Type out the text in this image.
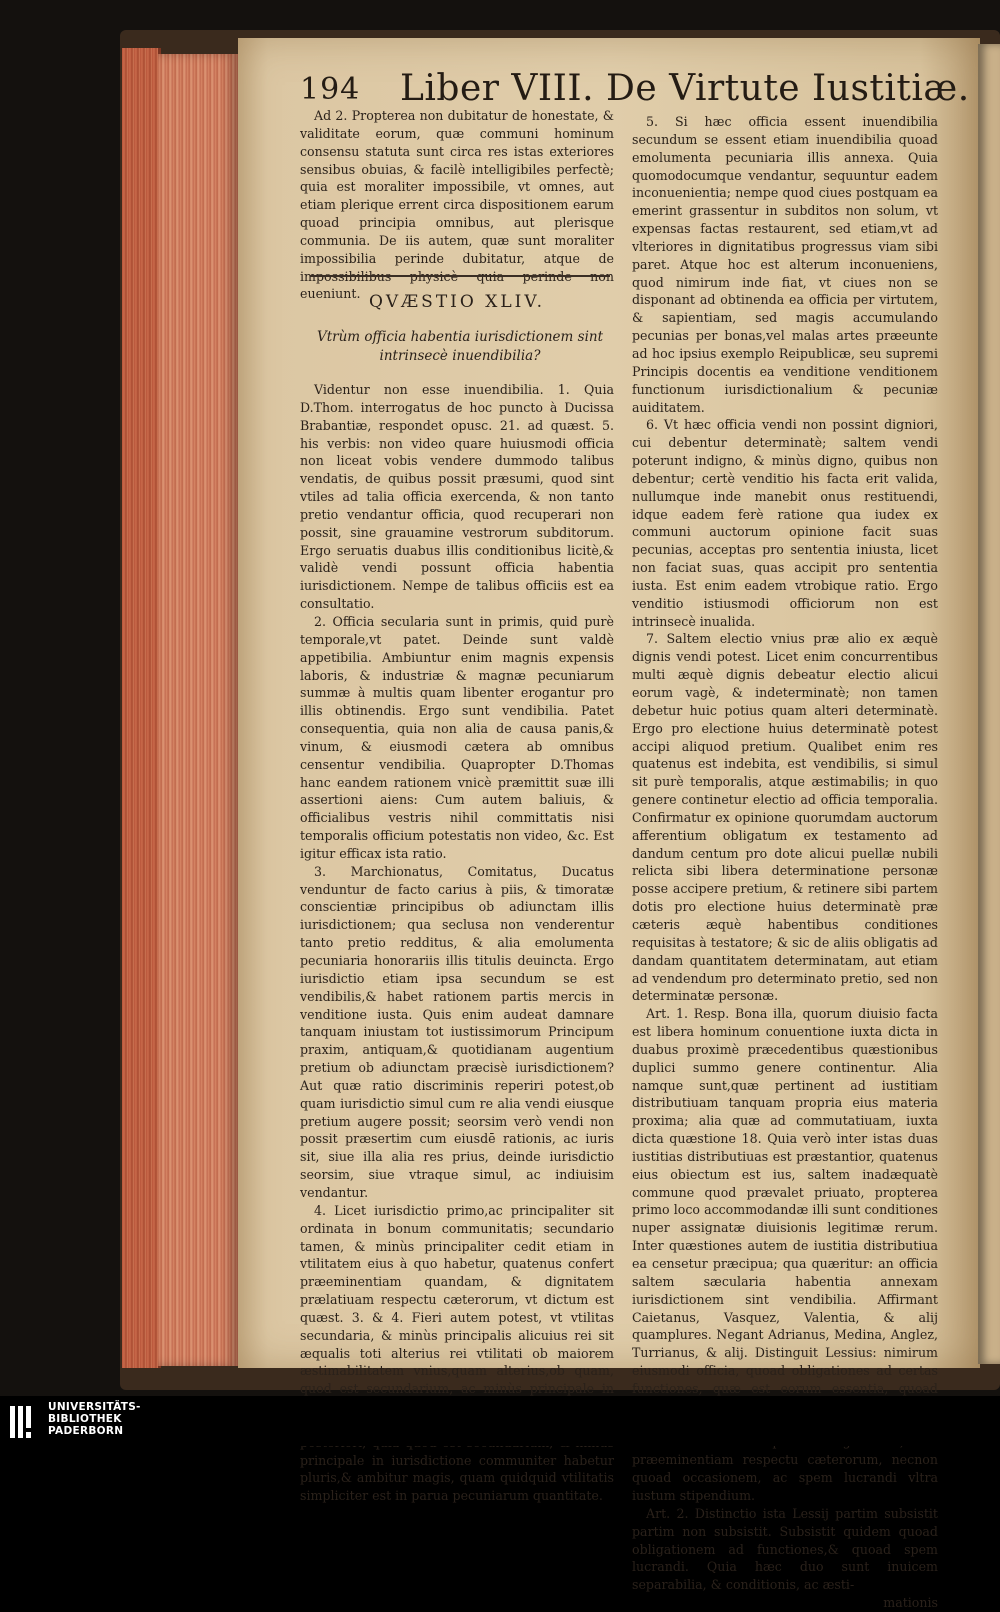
194 Liber VIII. De Virtute Iustitiæ.

Ad 2. Propterea non dubitatur de honestate, & validitate eorum, quæ communi hominum consensu statuta sunt circa res istas exteriores sensibus obuias, & facilè intelligibiles perfectè; quia est moraliter impossibile, vt omnes, aut etiam plerique errent circa dispositionem earum quoad principia omnibus, aut plerisque communia. De iis autem, quæ sunt moraliter impossibilia perinde dubitatur, atque de impossibilibus physicè quia perinde non eueniunt. QVÆSTIO XLIV.
Vtrùm officia habentia iurisdictionem sint intrinsecè inuendibilia?

Videntur non esse inuendibilia. 1. Quia D.Thom. interrogatus de hoc puncto à Ducissa Brabantiæ, respondet opusc. 21. ad quæst. 5. his verbis: non video quare huiusmodi officia non liceat vobis vendere dummodo talibus vendatis, de quibus possit præsumi, quod sint vtiles ad talia officia exercenda, & non tanto pretio vendantur officia, quod recuperari non possit, sine grauamine vestrorum subditorum. Ergo seruatis duabus illis conditionibus licitè,& validè vendi possunt officia habentia iurisdictionem. Nempe de talibus officiis est ea consultatio.

2. Officia secularia sunt in primis, quid purè temporale,vt patet. Deinde sunt valdè appetibilia. Ambiuntur enim magnis expensis laboris, & industriæ & magnæ pecuniarum summæ à multis quam libenter erogantur pro illis obtinendis. Ergo sunt vendibilia. Patet consequentia, quia non alia de causa panis,& vinum, & eiusmodi cætera ab omnibus censentur vendibilia. Quapropter D.Thomas hanc eandem rationem vnicè præmittit suæ illi assertioni aiens: Cum autem baliuis, & officialibus vestris nihil committatis nisi temporalis officium potestatis non video, &c. Est igitur efficax ista ratio.

3. Marchionatus, Comitatus, Ducatus venduntur de facto carius à piis, & timoratæ conscientiæ principibus ob adiunctam illis iurisdictionem; qua seclusa non venderentur tanto pretio redditus, & alia emolumenta pecuniaria honorariis illis titulis deuincta. Ergo iurisdictio etiam ipsa secundum se est vendibilis,& habet rationem partis mercis in venditione iusta. Quis enim audeat damnare tanquam iniustam tot iustissimorum Principum praxim, antiquam,& quotidianam augentium pretium ob adiunctam præcisè iurisdictionem? Aut quæ ratio discriminis reperiri potest,ob quam iurisdictio simul cum re alia vendi eiusque pretium augere possit; seorsim verò vendi non possit præsertim cum eiusdē rationis, ac iuris sit, siue illa alia res prius, deinde iurisdictio seorsim, siue vtraque simul, ac indiuisim vendantur.

4. Licet iurisdictio primo,ac principaliter sit ordinata in bonum communitatis; secundario tamen, & minùs principaliter cedit etiam in vtilitatem eius à quo habetur, quatenus confert præeminentiam quandam, & dignitatem prælatiuam respectu cæterorum, vt dictum est quæst. 3. & 4. Fieri autem potest, vt vtilitas secundaria, & minùs principalis alicuius rei sit æqualis toti alterius rei vtilitati ob maiorem æstimabilitatem vnius,quam alterius,ob quam, quod est secundarium, ac minùs principale in principale in iurisdictione communiter habetur pluris,& ambitur magis, quam quidquid vtilitatis simpliciter est in parua pecuniarum quantitate.

5. Si hæc officia essent inuendibilia secundum se essent etiam inuendibilia quoad emolumenta pecuniaria illis annexa. Quia quomodocumque vendantur, sequuntur eadem inconuenientia; nempe quod ciues postquam ea emerint grassentur in subditos non solum, vt expensas factas restaurent, sed etiam,vt ad vlteriores in dignitatibus progressus viam sibi paret. Atque hoc est alterum inconueniens, quod nimirum inde fiat, vt ciues non se disponant ad obtinenda ea officia per virtutem, & sapientiam, sed magis accumulando pecunias per bonas,vel malas artes præeunte ad hoc ipsius exemplo Reipublicæ, seu supremi Principis docentis ea venditione venditionem functionum iurisdictionalium & pecuniæ auiditatem.

6. Vt hæc officia vendi non possint digniori, cui debentur determinatè; saltem vendi poterunt indigno, & minùs digno, quibus non debentur; certè venditio his facta erit valida, nullumque inde manebit onus restituendi, idque eadem ferè ratione qua iudex ex communi auctorum opinione facit suas pecunias, acceptas pro sententia iniusta, licet non faciat suas, quas accipit pro sententia iusta. Est enim eadem vtrobique ratio. Ergo venditio istiusmodi officiorum non est intrinsecè inualida.

7. Saltem electio vnius præ alio ex æquè dignis vendi potest. Licet enim concurrentibus multi æquè dignis debeatur electio alicui eorum vagè, & indeterminatè; non tamen debetur huic potius quam alteri determinatè. Ergo pro electione huius determinatè potest accipi aliquod pretium. Qualibet enim res quatenus est indebita, est vendibilis, si simul sit purè temporalis, atque æstimabilis; in quo genere continetur electio ad officia temporalia. Confirmatur ex opinione quorumdam auctorum afferentium obligatum ex testamento ad dandum centum pro dote alicui puellæ nubili relicta sibi libera determinatione personæ posse accipere pretium, & retinere sibi partem dotis pro electione huius determinatè præ cæteris æquè habentibus conditiones requisitas à testatore; & sic de aliis obligatis ad dandam quantitatem determinatam, aut etiam ad vendendum pro determinato pretio, sed non determinatæ personæ.

Art. 1. Resp. Bona illa, quorum diuisio facta est libera hominum conuentione iuxta dicta in duabus proximè præcedentibus quæstionibus duplici summo genere continentur. Alia namque sunt,quæ pertinent ad iustitiam distributiuam tanquam propria eius materia proxima; alia quæ ad commutatiuam, iuxta dicta quæstione 18. Quia verò inter istas duas iustitias distributiuas est præstantior, quatenus eius obiectum est ius, saltem inadæquatè commune quod prævalet priuato, propterea primo loco accommodandæ illi sunt conditiones nuper assignatæ diuisionis legitimæ rerum. Inter quæstiones autem de iustitia distributiua ea censetur præcipua; qua quæritur: an officia saltem sæcularia habentia annexam iurisdictionem sint vendibilia. Affirmant Caietanus, Vasquez, Valentia, & alij quamplures. Negant Adrianus, Medina, Anglez, Turrianus, & alij. Distinguit Lessius: nimirum eiusmodi officia, quoad obligationes ad certas functiones, quæ est eorum essentia, quoad præeminentiam respectu cæterorum, necnon quoad occasionem, ac spem lucrandi vltra iustum stipendium.

Art. 2. Distinctio ista Lessij partim subsistit partim non subsistit. Subsistit quidem quoad obligationem ad functiones,& quoad spem lucrandi. Quia hæc duo sunt inuicem separabilia, & conditionis, ac æsti-

mationis

UNIVERSITÄTS-
BIBLIOTHEK
PADERBORN
